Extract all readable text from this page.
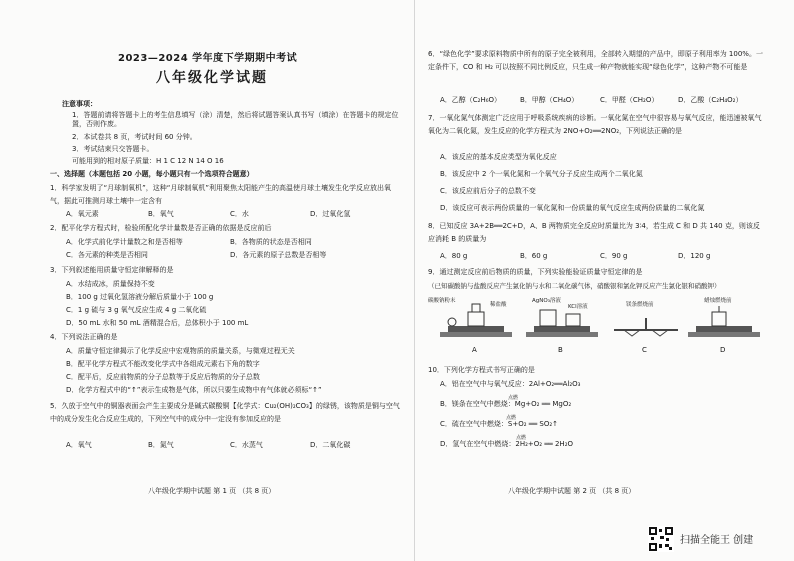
2023—2024 学年度下学期期中考试
八年级化学试题
注意事项：
1．答题前请将答题卡上的考生信息填写（涂）清楚，然后将试题答案认真书写（填涂）在答题卡的规定位置，否则作废。
2．本试卷共 8 页，考试时间 60 分钟。
3．考试结束只交答题卡。
可能用到的相对原子质量：H 1 C 12 N 14 O 16
一、选择题（本题包括 20 小题，每小题只有一个选项符合题意）
1．科学家发明了“月球制氧机”，这种“月球制氧机”利用聚焦太阳能产生的高温使月球土壤发生化学反应放出氧气，据此可推测月球土壤中一定含有
A．氧元素	B．氧气	C．水	D．过氧化氢
2．配平化学方程式时，检验所配化学计量数是否正确的依据是反应前后
A．化学式前化学计量数之和是否相等	B．各物质的状态是否相同
C．各元素的种类是否相同	D．各元素的原子总数是否相等
3．下列叙述能用质量守恒定律解释的是
A．水结成冰，质量保持不变
B．100 g 过氧化氢溶液分解后质量小于 100 g
C．1 g 硫与 3 g 氧气反应生成 4 g 二氧化硫
D．50 mL 水和 50 mL 酒精混合后，总体积小于 100 mL
4．下列说法正确的是
A．质量守恒定律揭示了化学反应中宏观物质的质量关系，与微观过程无关
B．配平化学方程式不能改变化学式中各组成元素右下角的数字
C．配平后，反应前物质的分子总数等于反应后物质的分子总数
D．化学方程式中的“↑”表示生成物是气体，所以只要生成物中有气体就必须标“↑”
5．久放于空气中的铜器表面会产生主要成分是碱式碳酸铜【化学式：Cu₂(OH)₂CO₃】的绿锈，该物质是铜与空气中的成分发生化合反应生成的，下列空气中的成分中一定没有参加反应的是
A．氧气	B．氮气	C．水蒸气	D．二氧化碳
八年级化学期中试题 第 1 页 （共 8 页）
6．“绿色化学”要求原料物质中所有的原子完全被利用，全部转入期望的产品中，即原子利用率为 100%。一定条件下，CO 和 H₂ 可以按照不同比例反应，只生成一种产物就能实现“绿色化学”，这种产物不可能是
A．乙醇（C₂H₆O）	B．甲醇（CH₄O）	C．甲醛（CH₂O）	D．乙酸（C₂H₄O₂）
7．一氧化氮气体测定广泛应用于呼吸系统疾病的诊断。一氧化氮在空气中很容易与氧气反应，能迅速被氧气氧化为二氧化氮，发生反应的化学方程式为 2NO+O₂══2NO₂，下列说法正确的是
A．该反应的基本反应类型为氧化反应
B．该反应中 2 个一氧化氮和一个氧气分子反应生成两个二氧化氮
C．该反应前后分子的总数不变
D．该反应可表示两份质量的一氧化氮和一份质量的氧气反应生成两份质量的二氧化氮
8．已知反应 3A+2B══2C+D，A、B 两物质完全反应时质量比为 3∶4，若生成 C 和 D 共 140 克，则该反应消耗 B 的质量为
A．80 g	B．60 g	C．90 g	D．120 g
9．通过测定反应前后物质的质量，下列实验能验证质量守恒定律的是
（已知碳酸钠与盐酸反应产生氯化钠与水和二氧化碳气体，硝酸银和氯化钾反应产生氯化银和硝酸钾）
碳酸钠粉末
稀盐酸
A
AgNO₃溶液
KCl溶液
B
镁条燃烧前
C
蜡烛燃烧前
D
10．下列化学方程式书写正确的是
A．铝在空气中与氧气反应：2Al+O₂══Al₂O₃
B．镁条在空气中燃烧：Mg+O₂ ══ MgO₂
C．硫在空气中燃烧：S+O₂ ══ SO₂↑
D．氢气在空气中燃烧：2H₂+O₂ ══ 2H₂O
点燃
点燃
点燃
八年级化学期中试题 第 2 页 （共 8 页）
扫描全能王 创建
